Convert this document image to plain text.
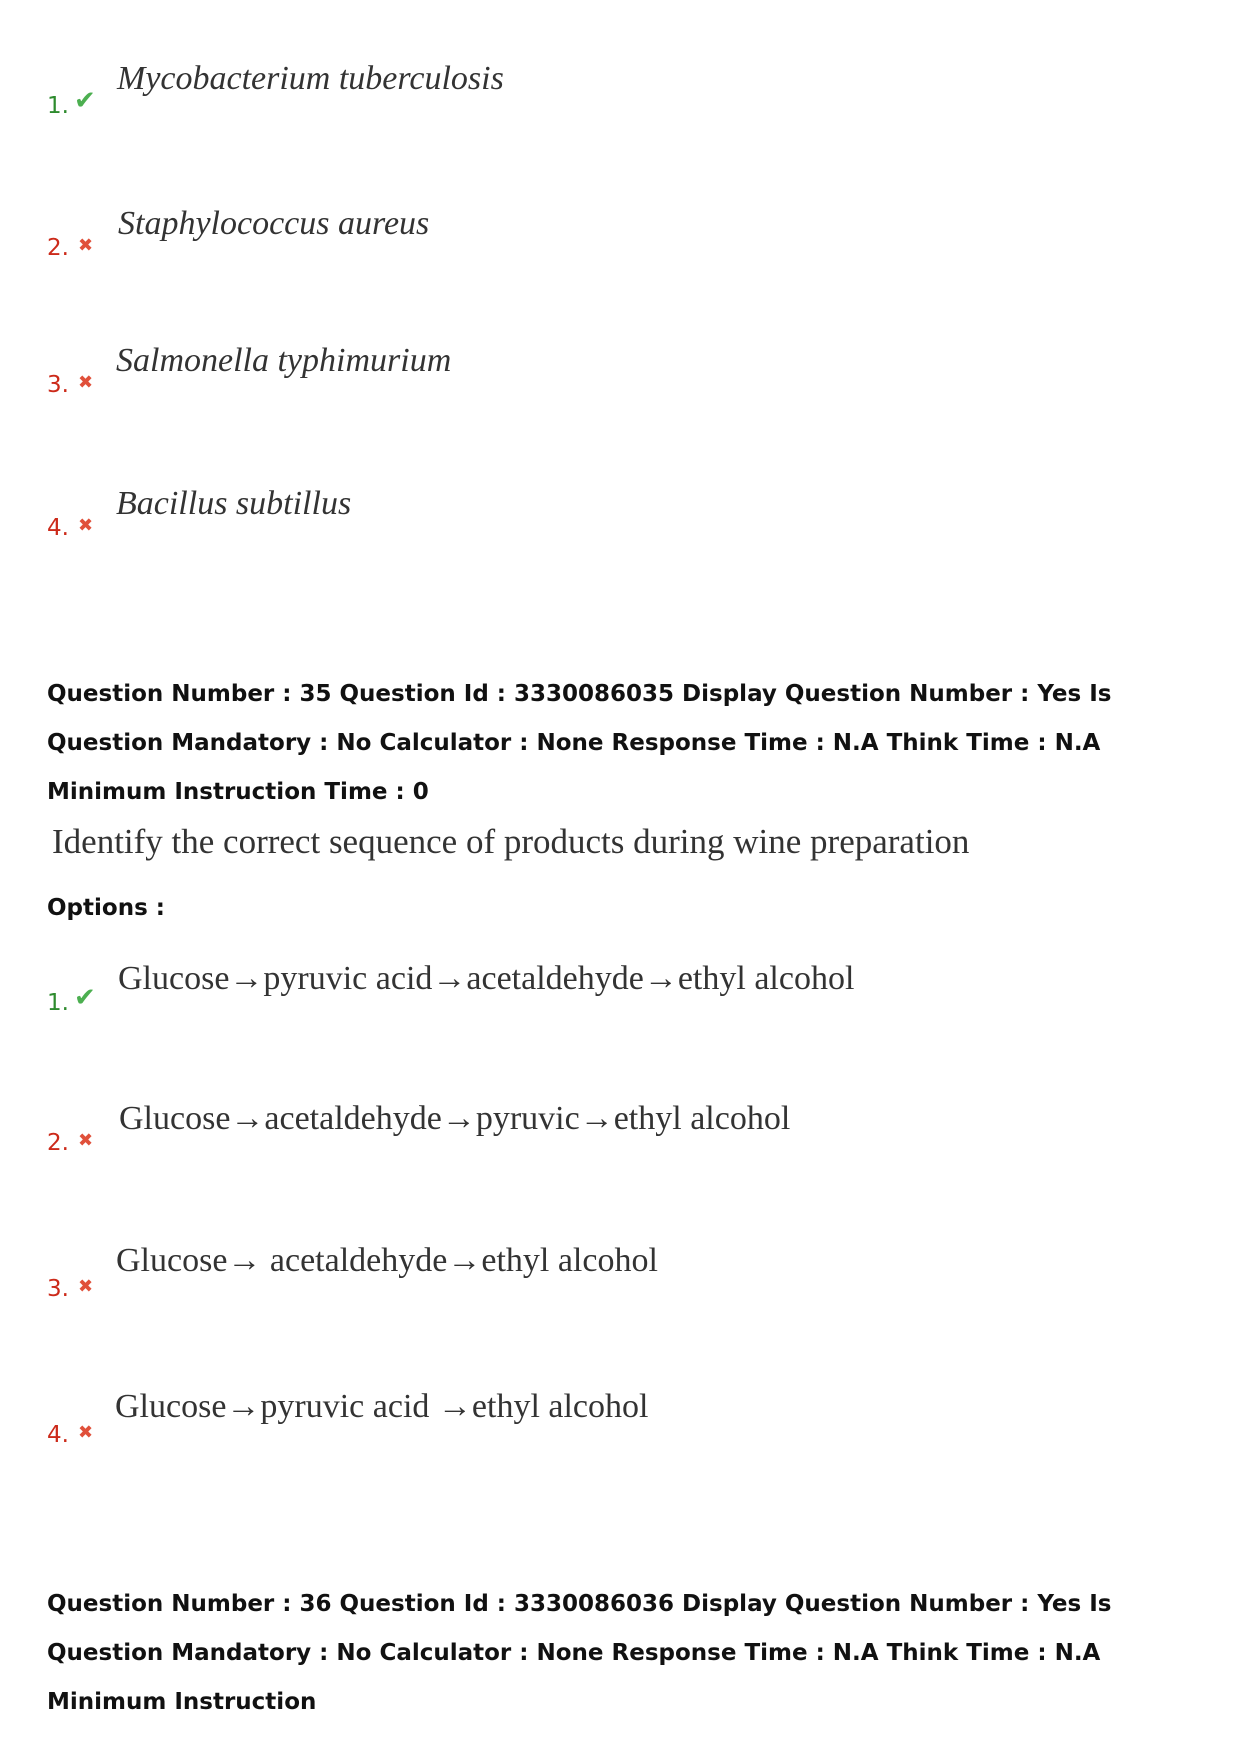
1. ✔
Mycobacterium tuberculosis
2. ✖
Staphylococcus aureus
3. ✖
Salmonella typhimurium
4. ✖
Bacillus subtillus
Question Number : 35 Question Id : 3330086035 Display Question Number : Yes Is Question Mandatory : No Calculator : None Response Time : N.A Think Time : N.A Minimum Instruction Time : 0
Identify the correct sequence of products during wine preparation
Options :
1. ✔
Glucose→pyruvic acid→acetaldehyde→ethyl alcohol
2. ✖
Glucose→acetaldehyde→pyruvic→ethyl alcohol
3. ✖
Glucose→ acetaldehyde→ethyl alcohol
4. ✖
Glucose→pyruvic acid →ethyl alcohol
Question Number : 36 Question Id : 3330086036 Display Question Number : Yes Is Question Mandatory : No Calculator : None Response Time : N.A Think Time : N.A Minimum Instruction
